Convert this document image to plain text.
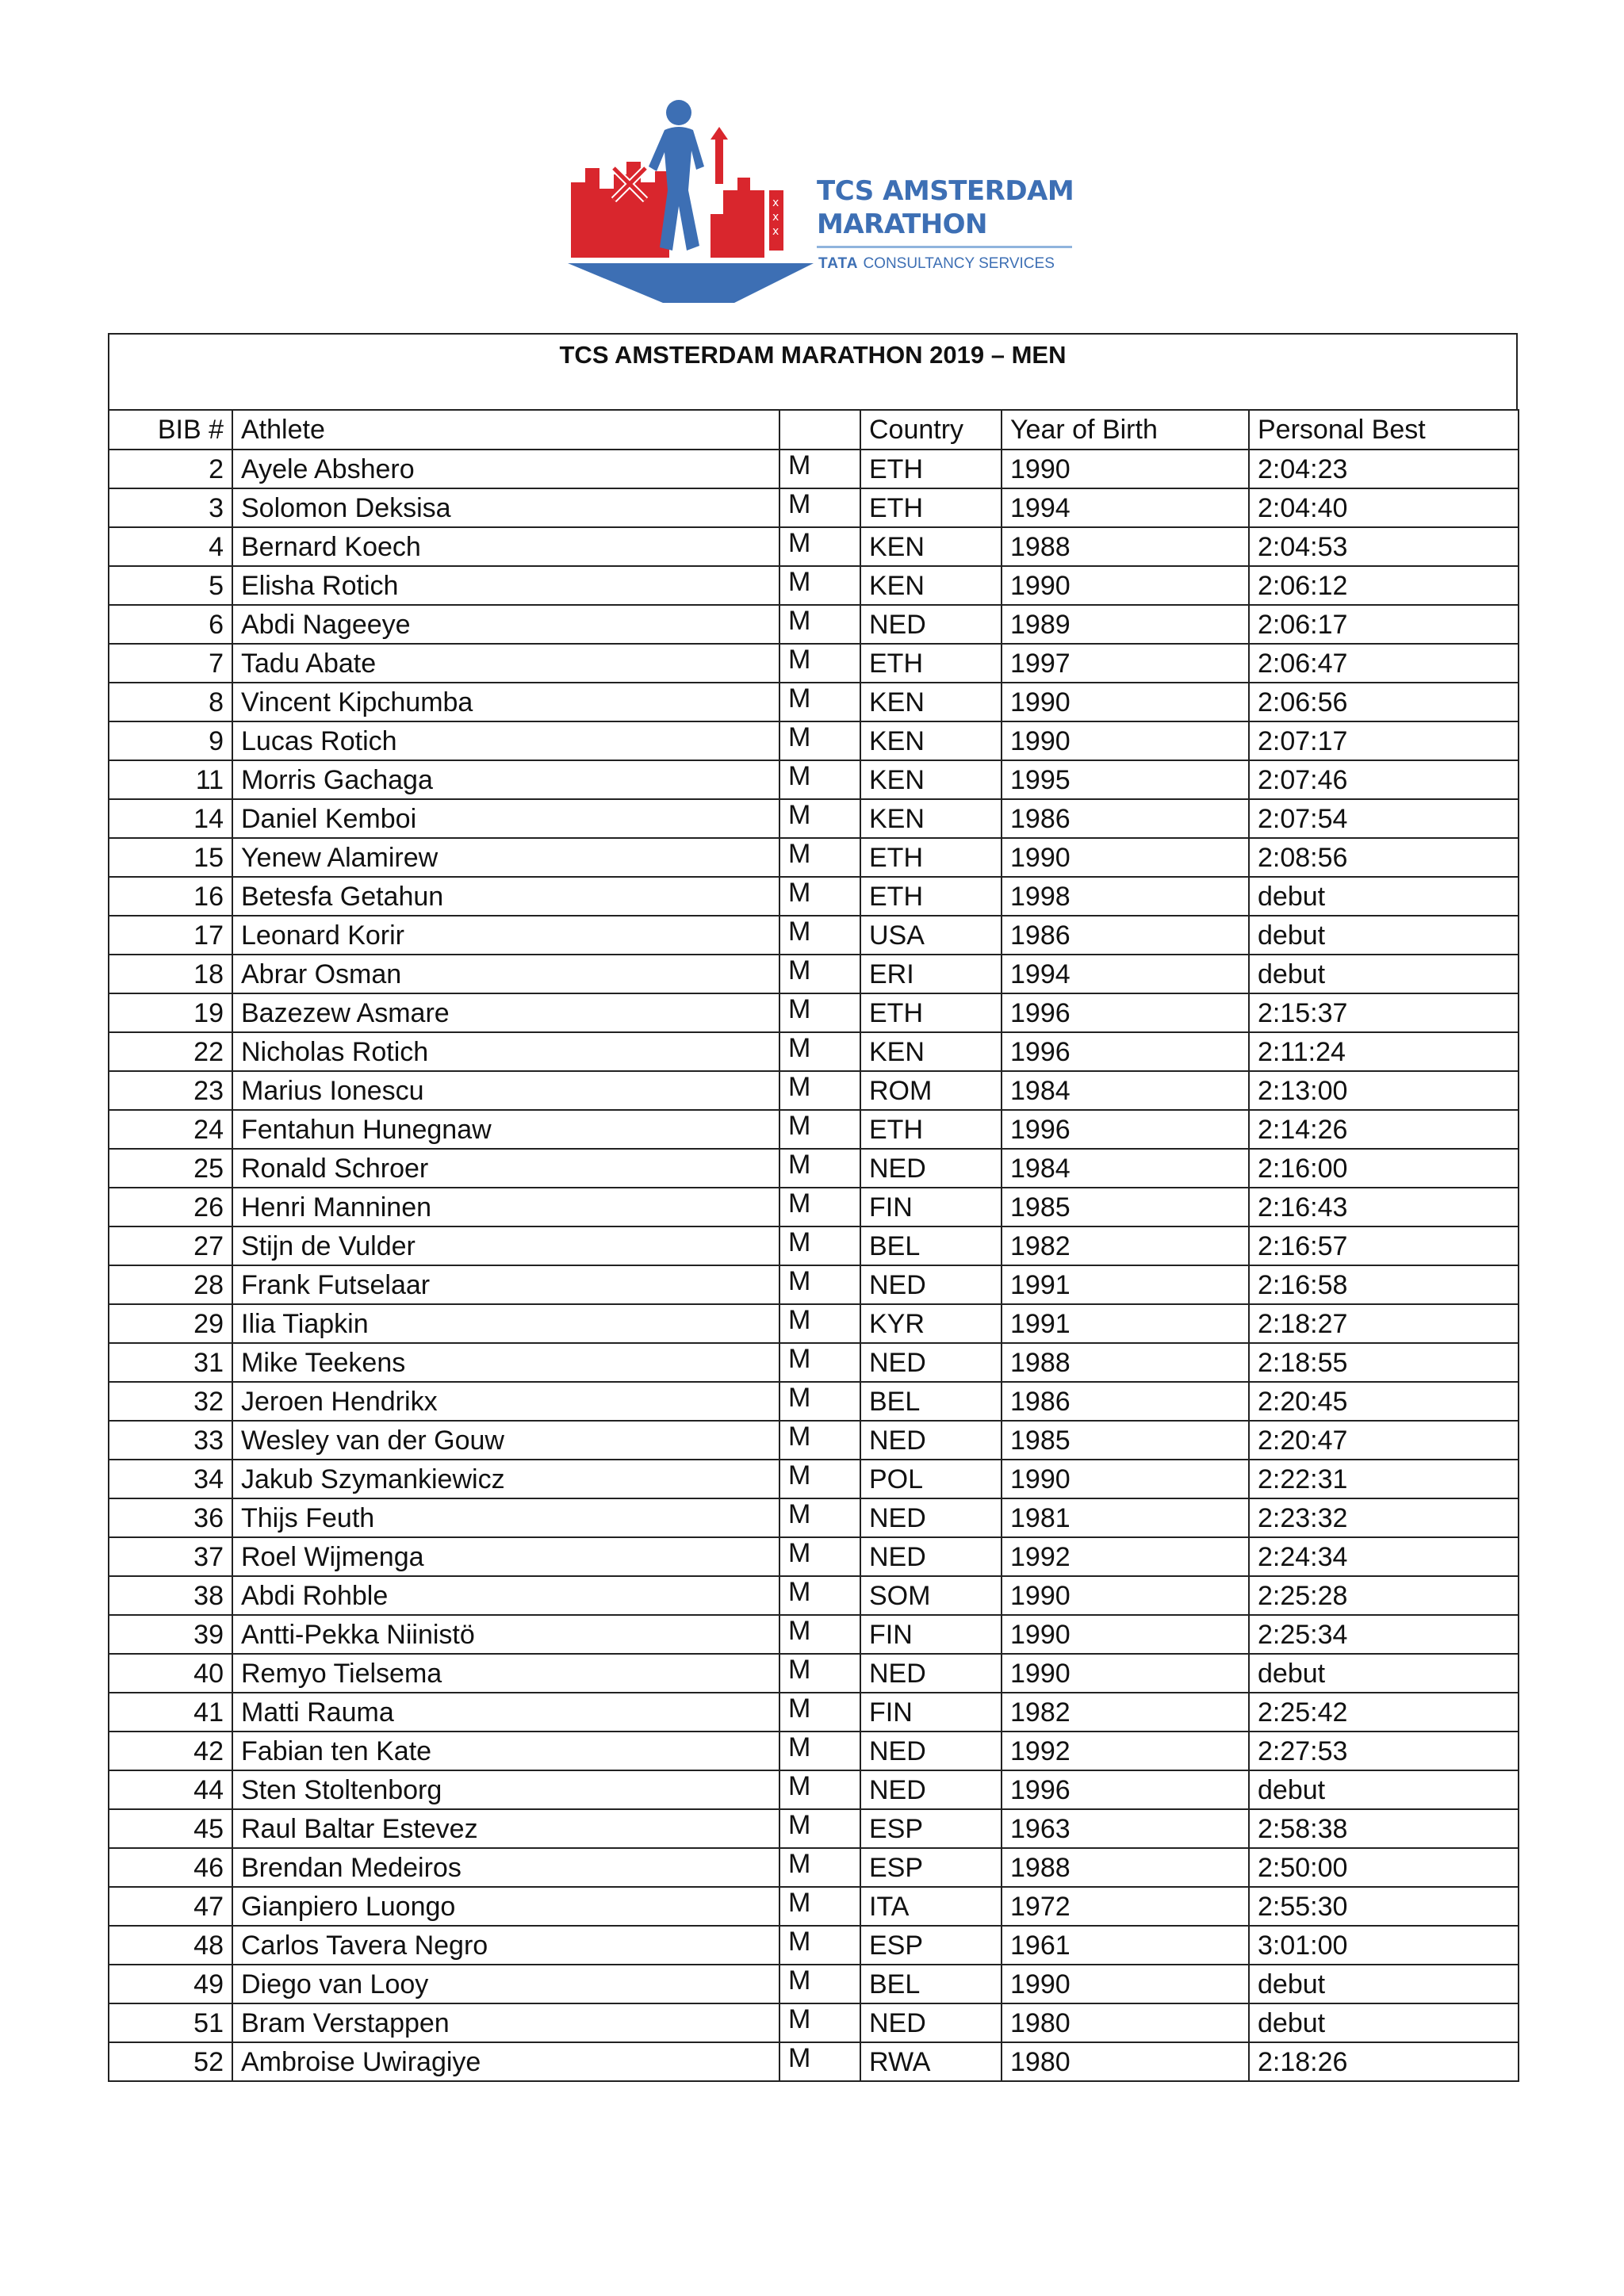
x
x
x
TCS AMSTERDAM
MARATHON
TATA CONSULTANCY SERVICES
TCS AMSTERDAM MARATHON 2019 – MEN
BIB #	Athlete		Country	Year of Birth	Personal Best
2	Ayele Abshero	M	ETH	1990	2:04:23
3	Solomon Deksisa	M	ETH	1994	2:04:40
4	Bernard Koech	M	KEN	1988	2:04:53
5	Elisha Rotich	M	KEN	1990	2:06:12
6	Abdi Nageeye	M	NED	1989	2:06:17
7	Tadu Abate	M	ETH	1997	2:06:47
8	Vincent Kipchumba	M	KEN	1990	2:06:56
9	Lucas Rotich	M	KEN	1990	2:07:17
11	Morris Gachaga	M	KEN	1995	2:07:46
14	Daniel Kemboi	M	KEN	1986	2:07:54
15	Yenew Alamirew	M	ETH	1990	2:08:56
16	Betesfa Getahun	M	ETH	1998	debut
17	Leonard Korir	M	USA	1986	debut
18	Abrar Osman	M	ERI	1994	debut
19	Bazezew Asmare	M	ETH	1996	2:15:37
22	Nicholas Rotich	M	KEN	1996	2:11:24
23	Marius Ionescu	M	ROM	1984	2:13:00
24	Fentahun Hunegnaw	M	ETH	1996	2:14:26
25	Ronald Schroer	M	NED	1984	2:16:00
26	Henri Manninen	M	FIN	1985	2:16:43
27	Stijn de Vulder	M	BEL	1982	2:16:57
28	Frank Futselaar	M	NED	1991	2:16:58
29	Ilia Tiapkin	M	KYR	1991	2:18:27
31	Mike Teekens	M	NED	1988	2:18:55
32	Jeroen Hendrikx	M	BEL	1986	2:20:45
33	Wesley van der Gouw	M	NED	1985	2:20:47
34	Jakub Szymankiewicz	M	POL	1990	2:22:31
36	Thijs Feuth	M	NED	1981	2:23:32
37	Roel Wijmenga	M	NED	1992	2:24:34
38	Abdi Rohble	M	SOM	1990	2:25:28
39	Antti-Pekka Niinistö	M	FIN	1990	2:25:34
40	Remyo Tielsema	M	NED	1990	debut
41	Matti Rauma	M	FIN	1982	2:25:42
42	Fabian ten Kate	M	NED	1992	2:27:53
44	Sten Stoltenborg	M	NED	1996	debut
45	Raul Baltar Estevez	M	ESP	1963	2:58:38
46	Brendan Medeiros	M	ESP	1988	2:50:00
47	Gianpiero Luongo	M	ITA	1972	2:55:30
48	Carlos Tavera Negro	M	ESP	1961	3:01:00
49	Diego van Looy	M	BEL	1990	debut
51	Bram Verstappen	M	NED	1980	debut
52	Ambroise Uwiragiye	M	RWA	1980	2:18:26
